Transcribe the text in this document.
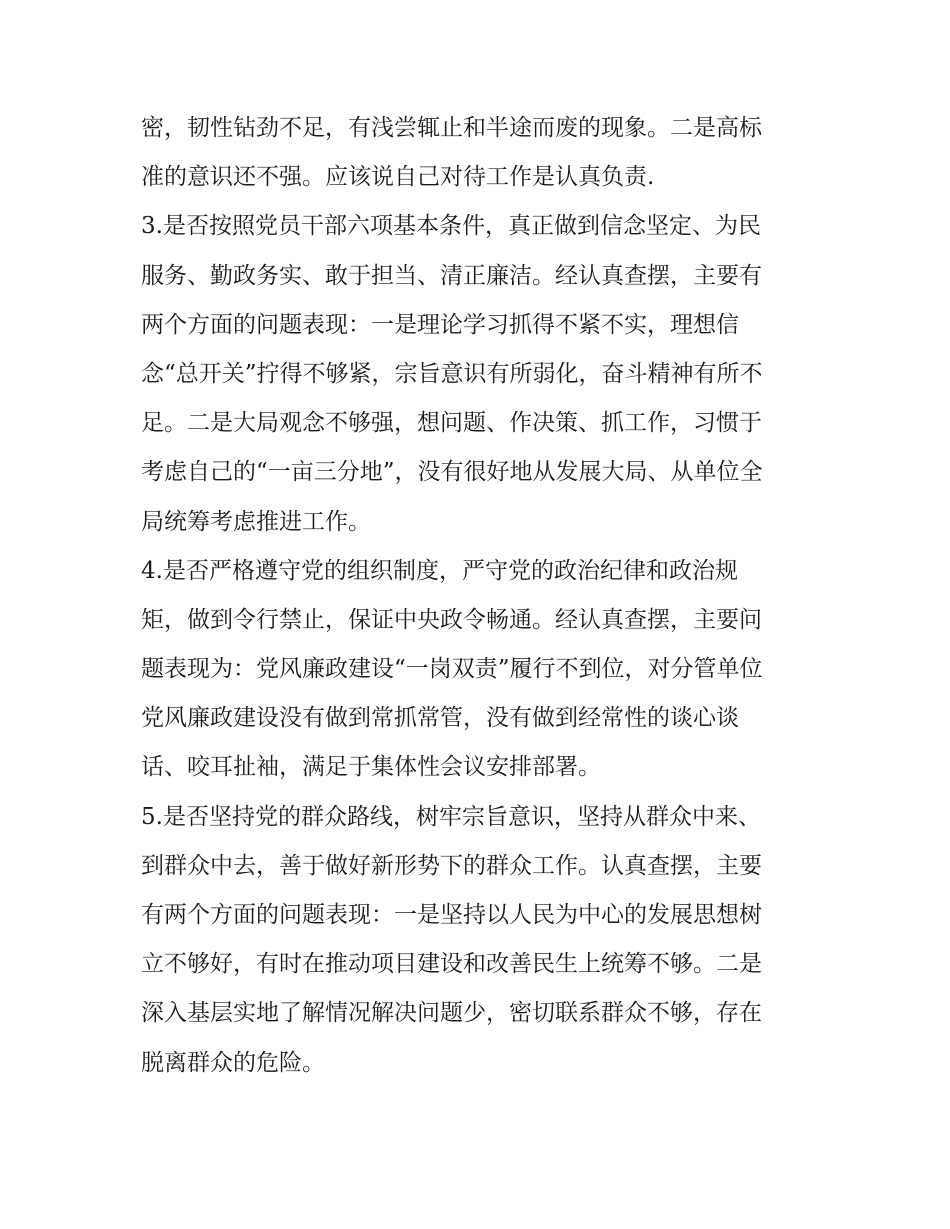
密，韧性钻劲不足，有浅尝辄止和半途而废的现象。二是高标
准的意识还不强。应该说自己对待工作是认真负责.
3.是否按照党员干部六项基本条件，真正做到信念坚定、为民
服务、勤政务实、敢于担当、清正廉洁。经认真查摆，主要有
两个方面的问题表现：一是理论学习抓得不紧不实，理想信
念“总开关”拧得不够紧，宗旨意识有所弱化，奋斗精神有所不
足。二是大局观念不够强，想问题、作决策、抓工作，习惯于
考虑自己的“一亩三分地”，没有很好地从发展大局、从单位全
局统筹考虑推进工作。
4.是否严格遵守党的组织制度，严守党的政治纪律和政治规
矩，做到令行禁止，保证中央政令畅通。经认真查摆，主要问
题表现为：党风廉政建设“一岗双责”履行不到位，对分管单位
党风廉政建设没有做到常抓常管，没有做到经常性的谈心谈
话、咬耳扯袖，满足于集体性会议安排部署。
5.是否坚持党的群众路线，树牢宗旨意识，坚持从群众中来、
到群众中去，善于做好新形势下的群众工作。认真查摆，主要
有两个方面的问题表现：一是坚持以人民为中心的发展思想树
立不够好，有时在推动项目建设和改善民生上统筹不够。二是
深入基层实地了解情况解决问题少，密切联系群众不够，存在
脱离群众的危险。
